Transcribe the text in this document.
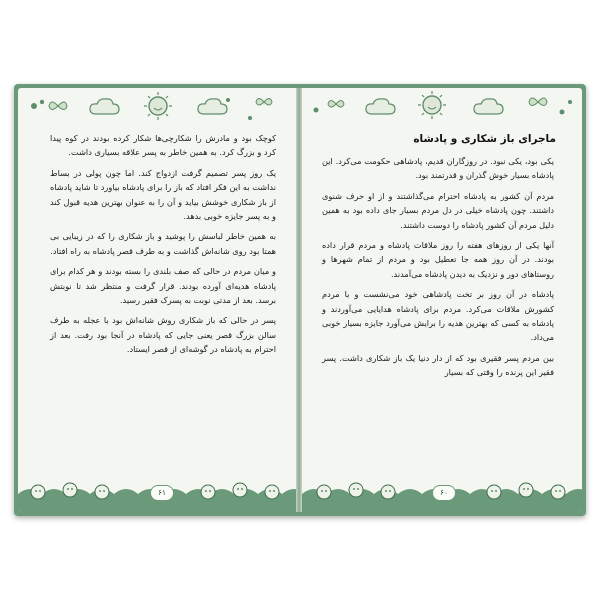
کوچک بود و مادرش را شکارچی‌ها شکار کرده بودند در کوه پیدا کرد و بزرگ کرد. به همین خاطر به پسر علاقه بسیاری داشت.

یک روز پسر تصمیم گرفت ازدواج کند. اما چون پولی در بساط نداشت به این فکر افتاد که باز را برای پادشاه بیاورد تا شاید پادشاه از باز شکاری خوشش بیاید و آن را به عنوان بهترین هدیه قبول کند و به پسر جایزه خوبی بدهد.

به همین خاطر لباسش را پوشید و باز شکاری را که در زیبایی بی همتا بود روی شانه‌اش گذاشت و به طرف قصر پادشاه به راه افتاد.

و میان مردم در حالی که صف بلندی را بسته بودند و هر کدام برای پادشاه هدیه‌ای آورده بودند. قرار گرفت و منتظر شد تا نوبتش برسد. بعد از مدتی نوبت به پسرک فقیر رسید.

پسر در حالی که باز شکاری روش شانه‌اش بود با عجله به طرف سالن بزرگ قصر یعنی جایی که پادشاه در آنجا بود رفت. بعد از احترام به پادشاه در گوشه‌ای از قصر ایستاد.

۶۱
ماجرای باز شکاری و پادشاه

یکی بود، یکی نبود. در روزگاران قدیم، پادشاهی حکومت می‌کرد. این پادشاه بسیار خوش گذران و قدرتمند بود.

مردم آن کشور به پادشاه احترام می‌گذاشتند و از او حرف شنوی داشتند. چون پادشاه خیلی در دل مردم بسیار جای داده بود به همین دلیل مردم آن کشور پادشاه را دوست داشتند.

آنها یکی از روزهای هفته را روز ملاقات پادشاه و مردم قرار داده بودند. در آن روز همه جا تعطیل بود و مردم از تمام شهرها و روستاهای دور و نزدیک به دیدن پادشاه می‌آمدند.

پادشاه در آن روز بر تخت پادشاهی خود می‌نشست و با مردم کشورش ملاقات می‌کرد. مردم برای پادشاه هدایایی می‌آوردند و پادشاه به کسی که بهترین هدیه را برایش می‌آورد جایزه بسیار خوبی می‌داد.

بین مردم پسر فقیری بود که از دار دنیا یک باز شکاری داشت. پسر فقیر این پرنده را وقتی که بسیار

۶۰
